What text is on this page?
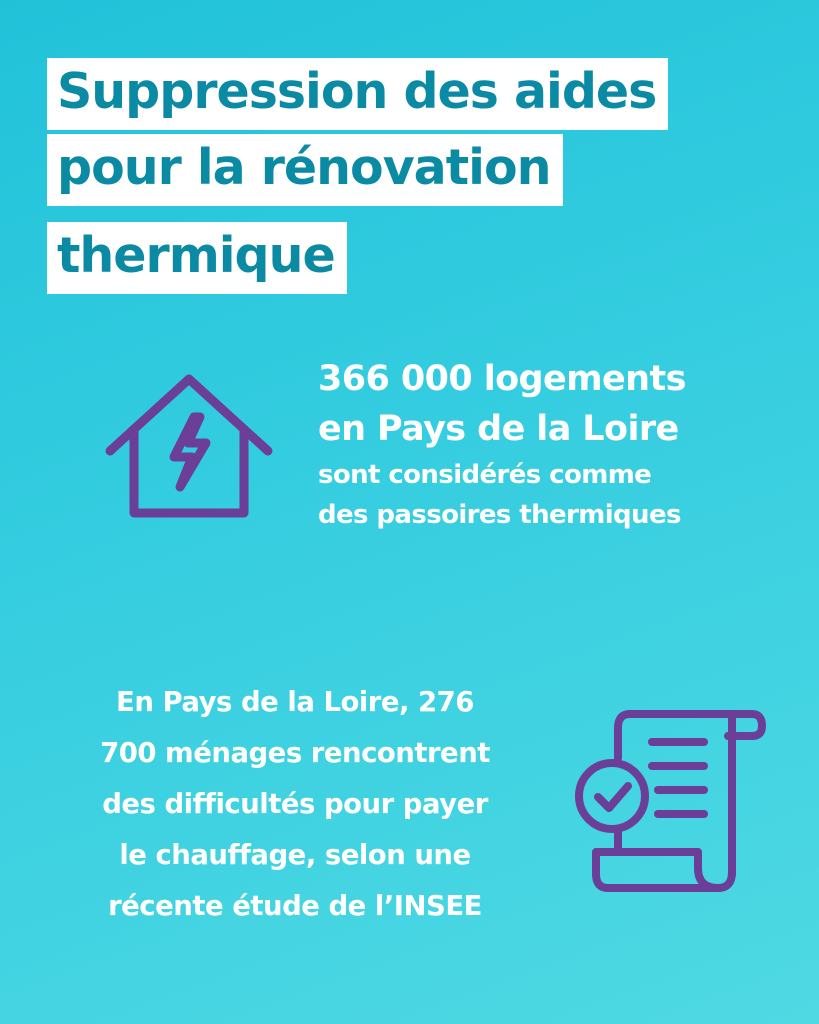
Suppression des aides
pour la rénovation
thermique
366 000 logements
en Pays de la Loire
sont considérés comme
des passoires thermiques
En Pays de la Loire, 276
700 ménages rencontrent
des difficultés pour payer
le chauffage, selon une
récente étude de l’INSEE
